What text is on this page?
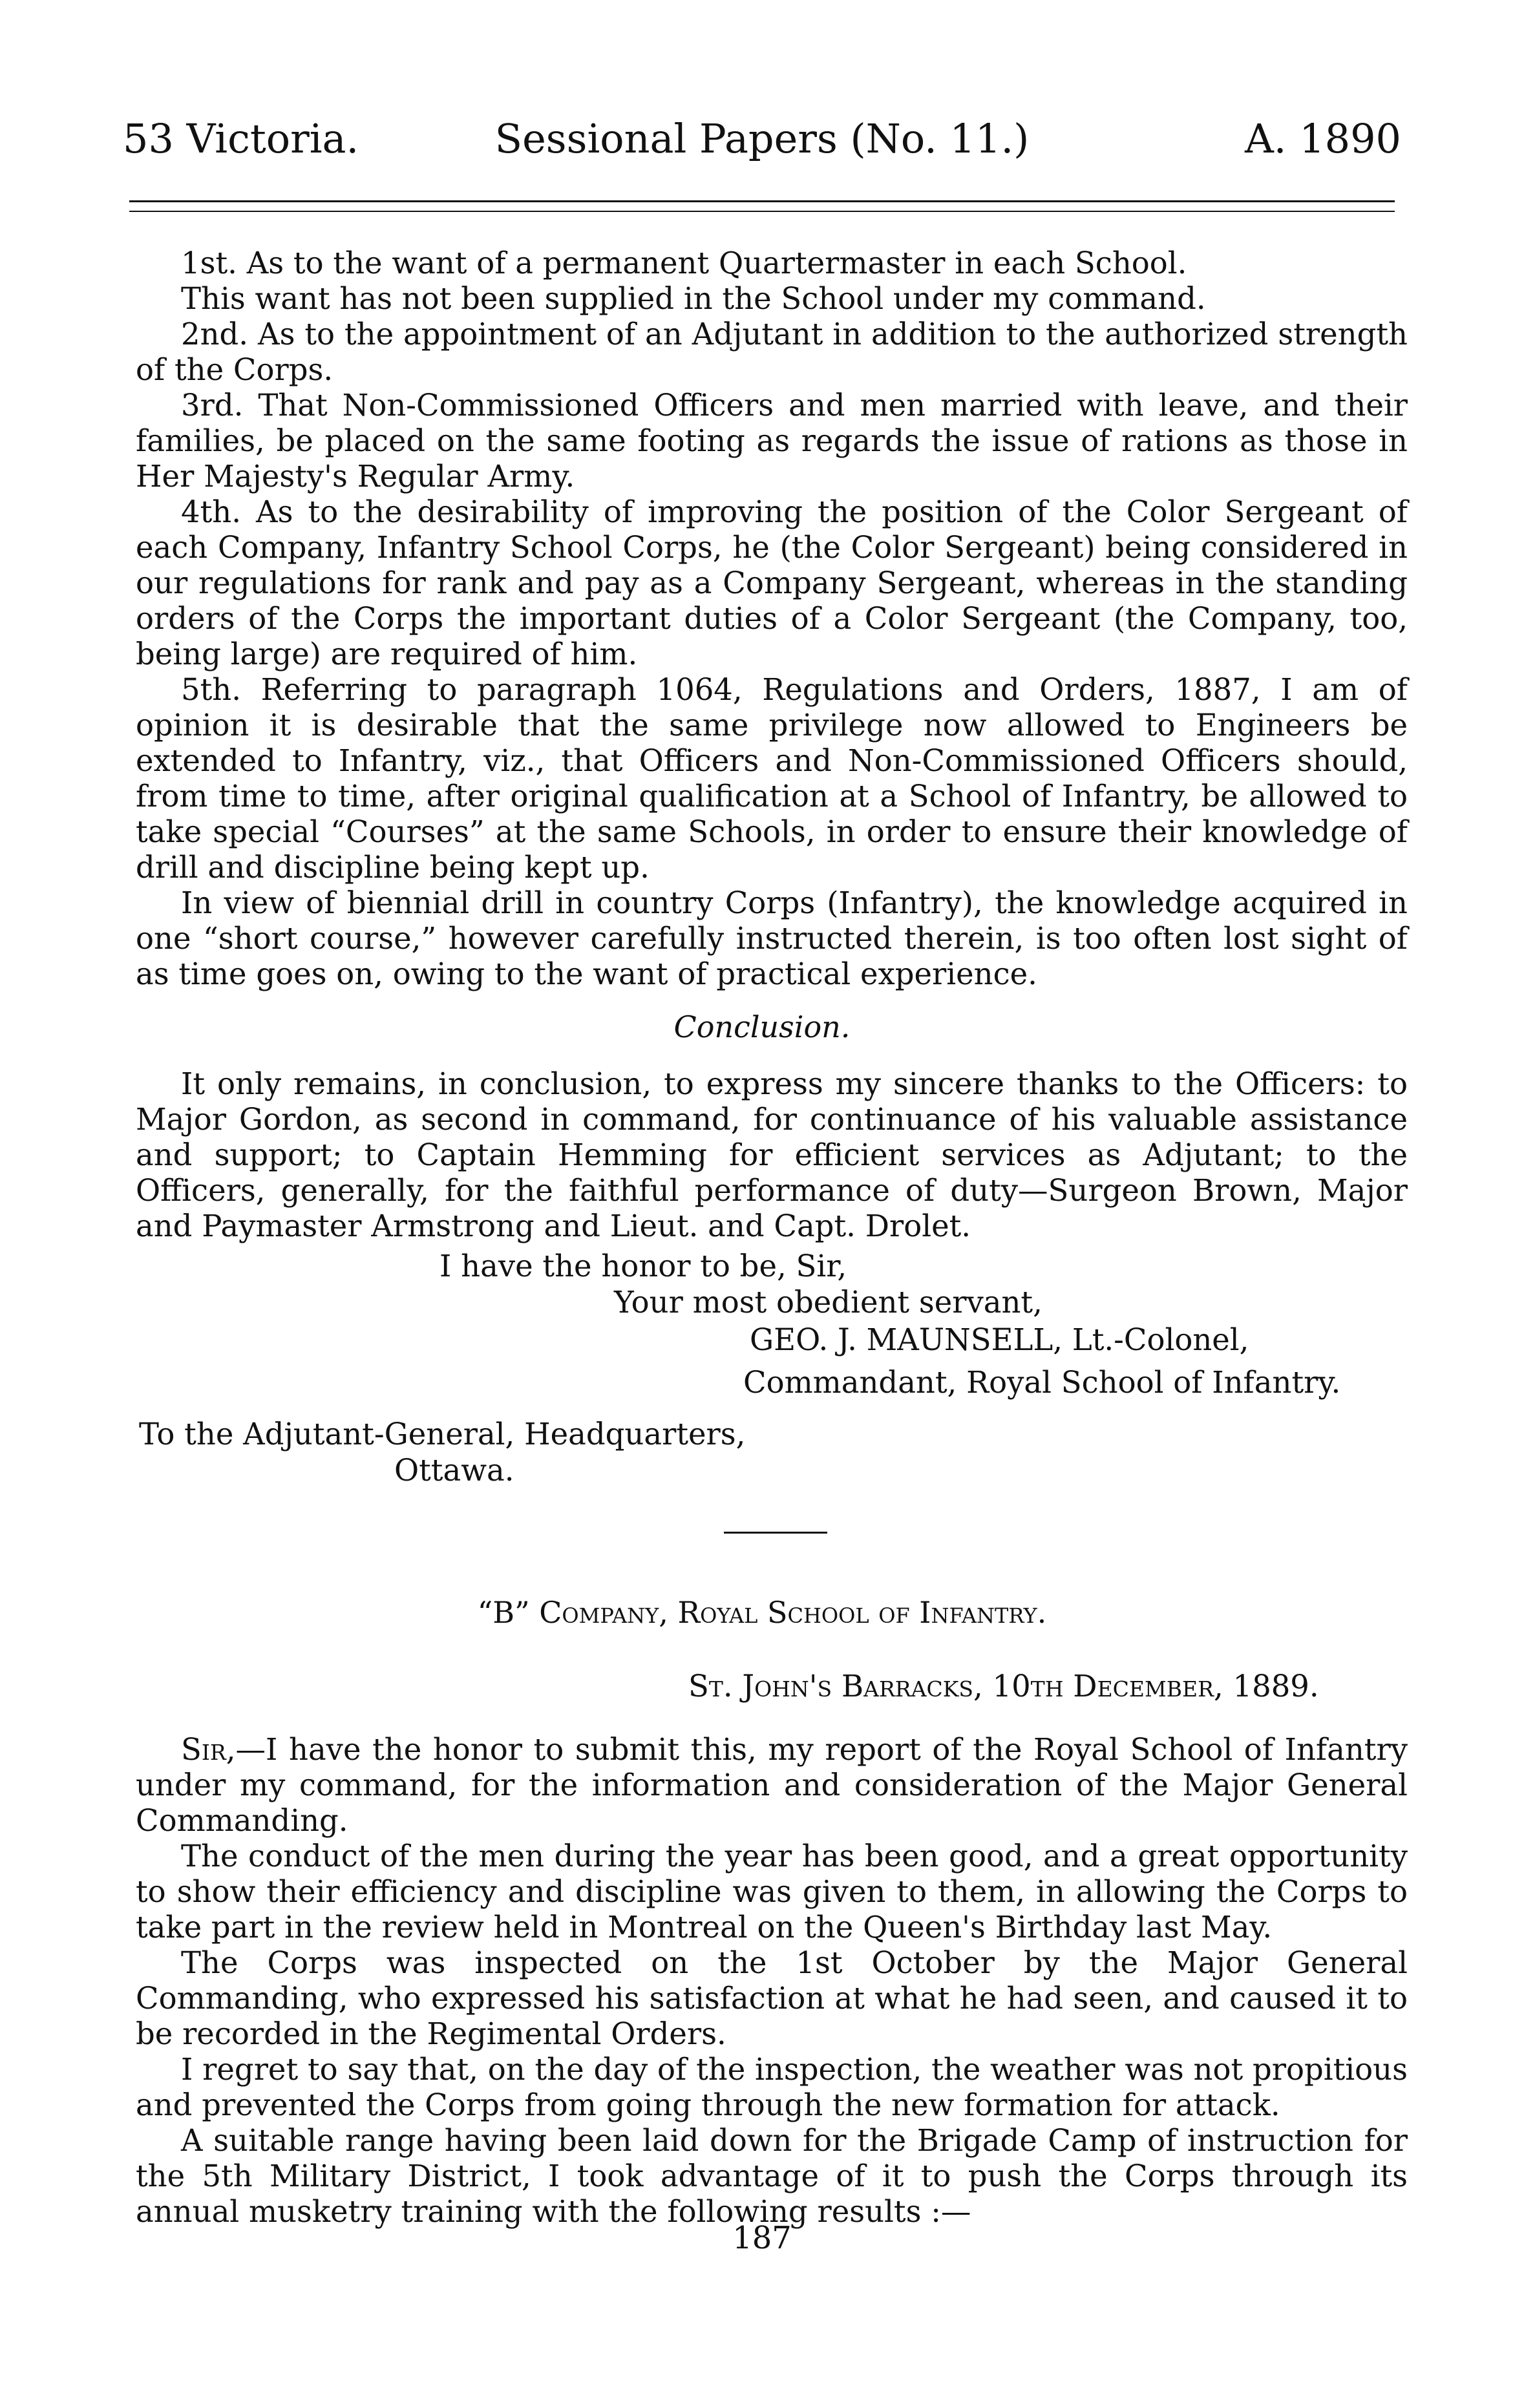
53 Victoria.	Sessional Papers (No. 11.)	A. 1890

1st. As to the want of a permanent Quartermaster in each School.

This want has not been supplied in the School under my command.

2nd. As to the appointment of an Adjutant in addition to the authorized strength of the Corps.

3rd. That Non-Commissioned Officers and men married with leave, and their families, be placed on the same footing as regards the issue of rations as those in Her Majesty's Regular Army.

4th. As to the desirability of improving the position of the Color Sergeant of each Company, Infantry School Corps, he (the Color Sergeant) being considered in our regulations for rank and pay as a Company Sergeant, whereas in the standing orders of the Corps the important duties of a Color Sergeant (the Company, too, being large) are required of him.

5th. Referring to paragraph 1064, Regulations and Orders, 1887, I am of opinion it is desirable that the same privilege now allowed to Engineers be extended to Infantry, viz., that Officers and Non-Commissioned Officers should, from time to time, after original qualification at a School of Infantry, be allowed to take special “Courses” at the same Schools, in order to ensure their knowledge of drill and discipline being kept up.

In view of biennial drill in country Corps (Infantry), the knowledge acquired in one “short course,” however carefully instructed therein, is too often lost sight of as time goes on, owing to the want of practical experience.

Conclusion.

It only remains, in conclusion, to express my sincere thanks to the Officers: to Major Gordon, as second in command, for continuance of his valuable assistance and support; to Captain Hemming for efficient services as Adjutant; to the Officers, generally, for the faithful performance of duty—Surgeon Brown, Major and Paymaster Armstrong and Lieut. and Capt. Drolet.

I have the honor to be, Sir,
Your most obedient servant,
GEO. J. MAUNSELL, Lt.-Colonel,
Commandant, Royal School of Infantry.
To the Adjutant-General, Headquarters,
Ottawa.
“B” Company, Royal School of Infantry.
St. John's Barracks, 10th December, 1889.

Sir,—I have the honor to submit this, my report of the Royal School of Infantry under my command, for the information and consideration of the Major General Commanding.

The conduct of the men during the year has been good, and a great opportunity to show their efficiency and discipline was given to them, in allowing the Corps to take part in the review held in Montreal on the Queen's Birthday last May.

The Corps was inspected on the 1st October by the Major General Commanding, who expressed his satisfaction at what he had seen, and caused it to be recorded in the Regimental Orders.

I regret to say that, on the day of the inspection, the weather was not propitious and prevented the Corps from going through the new formation for attack.

A suitable range having been laid down for the Brigade Camp of instruction for the 5th Military District, I took advantage of it to push the Corps through its annual musketry training with the following results :—

187
